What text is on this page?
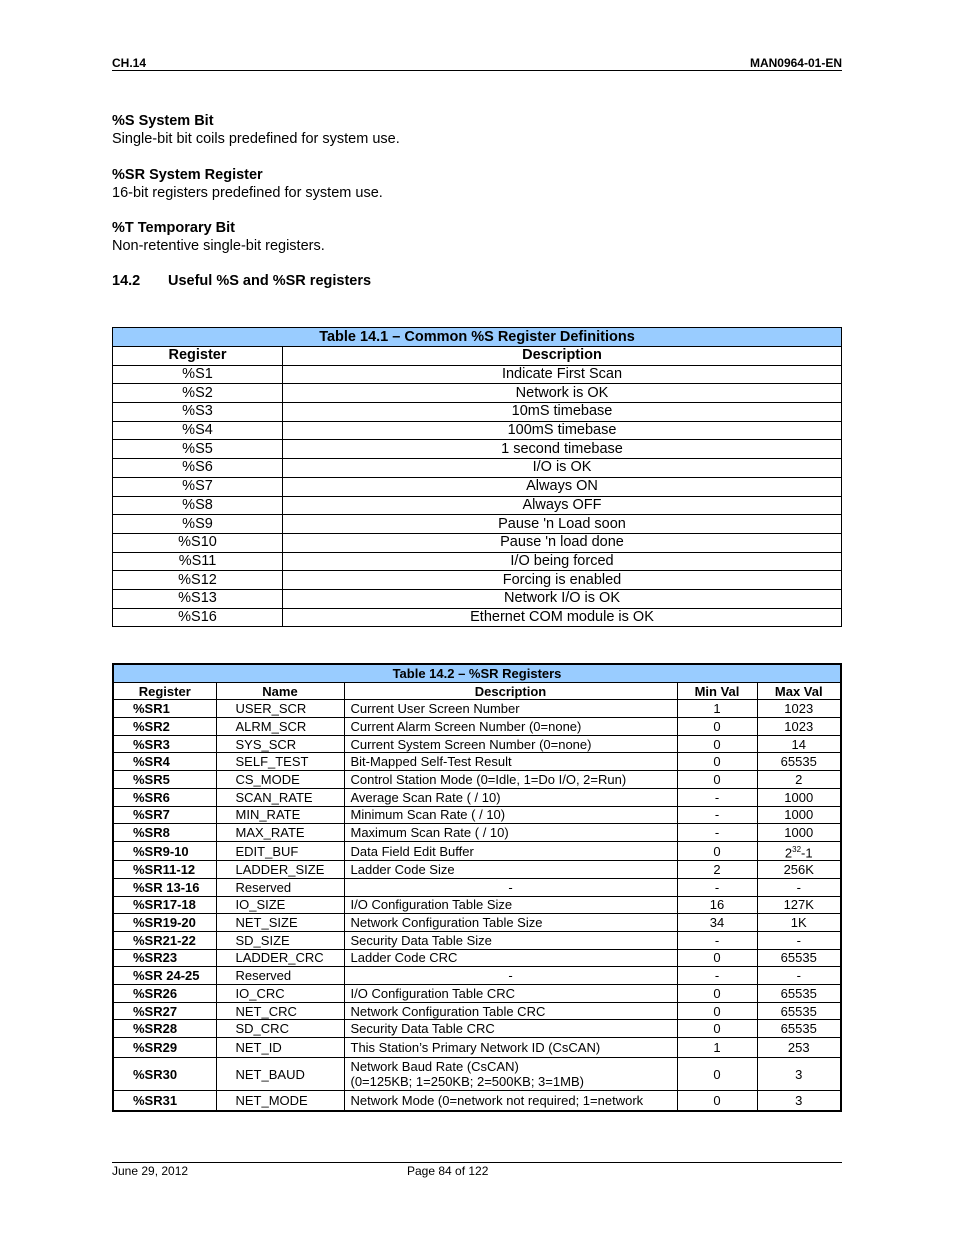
CH.14	MAN0964-01-EN
%S System Bit
Single-bit bit coils predefined for system use.
%SR System Register
16-bit registers predefined for system use.
%T Temporary Bit
Non-retentive single-bit registers.
14.2 Useful %S and %SR registers
Table 14.1 – Common %S Register Definitions	
Register	Description
%S1	Indicate First Scan
%S2	Network is OK
%S3	10mS timebase
%S4	100mS timebase
%S5	1 second timebase
%S6	I/O is OK
%S7	Always ON
%S8	Always OFF
%S9	Pause 'n Load soon
%S10	Pause 'n load done
%S11	I/O being forced
%S12	Forcing is enabled
%S13	Network I/O is OK
%S16	Ethernet COM module is OK
Table 14.2 – %SR Registers				
Register	Name	Description	Min Val	Max Val
%SR1	USER_SCR	Current User Screen Number	1	1023
%SR2	ALRM_SCR	Current Alarm Screen Number (0=none)	0	1023
%SR3	SYS_SCR	Current System Screen Number (0=none)	0	14
%SR4	SELF_TEST	Bit-Mapped Self-Test Result	0	65535
%SR5	CS_MODE	Control Station Mode (0=Idle, 1=Do I/O, 2=Run)	0	2
%SR6	SCAN_RATE	Average Scan Rate ( / 10)	-	1000
%SR7	MIN_RATE	Minimum Scan Rate ( / 10)	-	1000
%SR8	MAX_RATE	Maximum Scan Rate ( / 10)	-	1000
%SR9-10	EDIT_BUF	Data Field Edit Buffer	0	$2^{32}-1$
%SR11-12	LADDER_SIZE	Ladder Code Size	2	256K
%SR 13-16	Reserved	-	-	-
%SR17-18	IO_SIZE	I/O Configuration Table Size	16	127K
%SR19-20	NET_SIZE	Network Configuration Table Size	34	1K
%SR21-22	SD_SIZE	Security Data Table Size	-	-
%SR23	LADDER_CRC	Ladder Code CRC	0	65535
%SR 24-25	Reserved	-	-	-
%SR26	IO_CRC	I/O Configuration Table CRC	0	65535
%SR27	NET_CRC	Network Configuration Table CRC	0	65535
%SR28	SD_CRC	Security Data Table CRC	0	65535
%SR29	NET_ID	This Station’s Primary Network ID (CsCAN)	1	253
%SR30	NET_BAUD	Network Baud Rate (CsCAN)
(0=125KB; 1=250KB; 2=500KB; 3=1MB)	0	3
%SR31	NET_MODE	Network Mode (0=network not required; 1=network	0	3
June 29, 2012	Page 84 of 122
